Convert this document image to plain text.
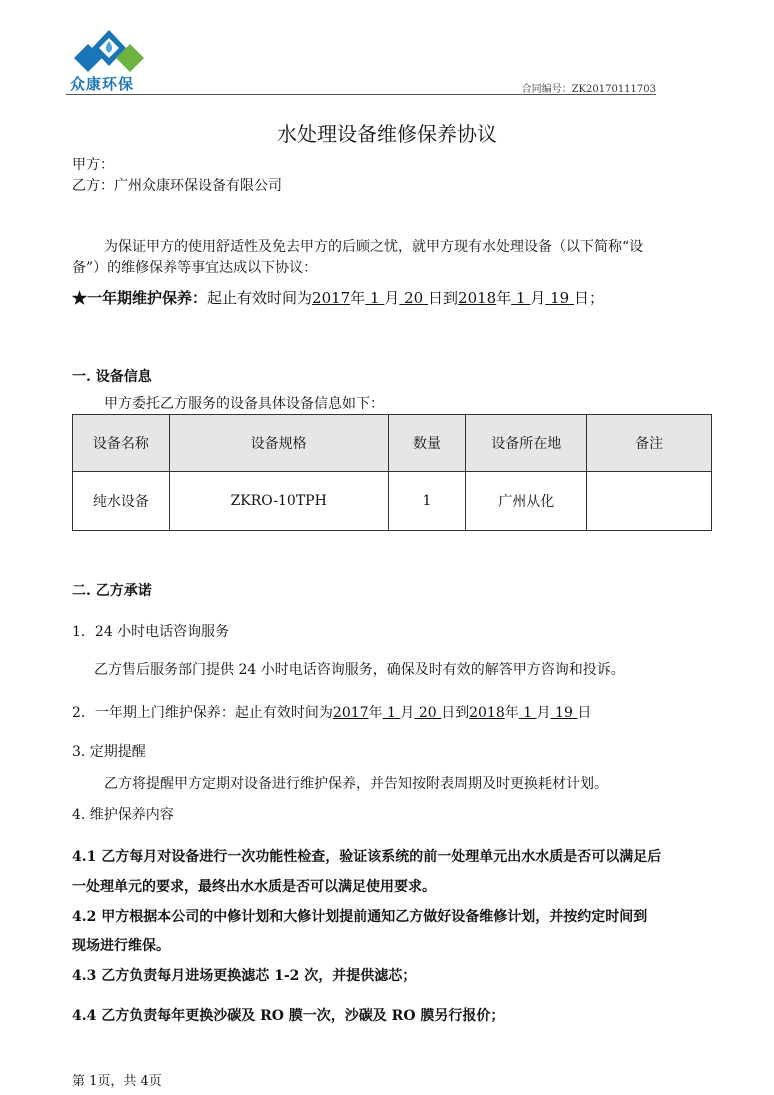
众康环保	合同编号：ZK20170111703
水处理设备维修保养协议
甲方：
乙方：广州众康环保设备有限公司
为保证甲方的使用舒适性及免去甲方的后顾之忧，就甲方现有水处理设备（以下简称“设
备”）的维修保养等事宜达成以下协议：
★一年期维护保养：起止有效时间为2017年 1 月 20 日到2018年 1 月 19 日；
一. 设备信息
甲方委托乙方服务的设备具体设备信息如下：
设备名称	设备规格	数量	设备所在地	备注
纯水设备	ZKRO-10TPH	1	广州从化	
二. 乙方承诺
1．24 小时电话咨询服务
乙方售后服务部门提供 24 小时电话咨询服务，确保及时有效的解答甲方咨询和投诉。
2．一年期上门维护保养：起止有效时间为2017年 1 月 20 日到2018年 1 月 19 日
3. 定期提醒
乙方将提醒甲方定期对设备进行维护保养，并告知按附表周期及时更换耗材计划。
4. 维护保养内容
4.1 乙方每月对设备进行一次功能性检查，验证该系统的前一处理单元出水水质是否可以满足后
一处理单元的要求，最终出水水质是否可以满足使用要求。
4.2 甲方根据本公司的中修计划和大修计划提前通知乙方做好设备维修计划，并按约定时间到
现场进行维保。
4.3 乙方负责每月进场更换滤芯 1-2 次，并提供滤芯；
4.4 乙方负责每年更换沙碳及 RO 膜一次，沙碳及 RO 膜另行报价；
第 1页，共 4页
